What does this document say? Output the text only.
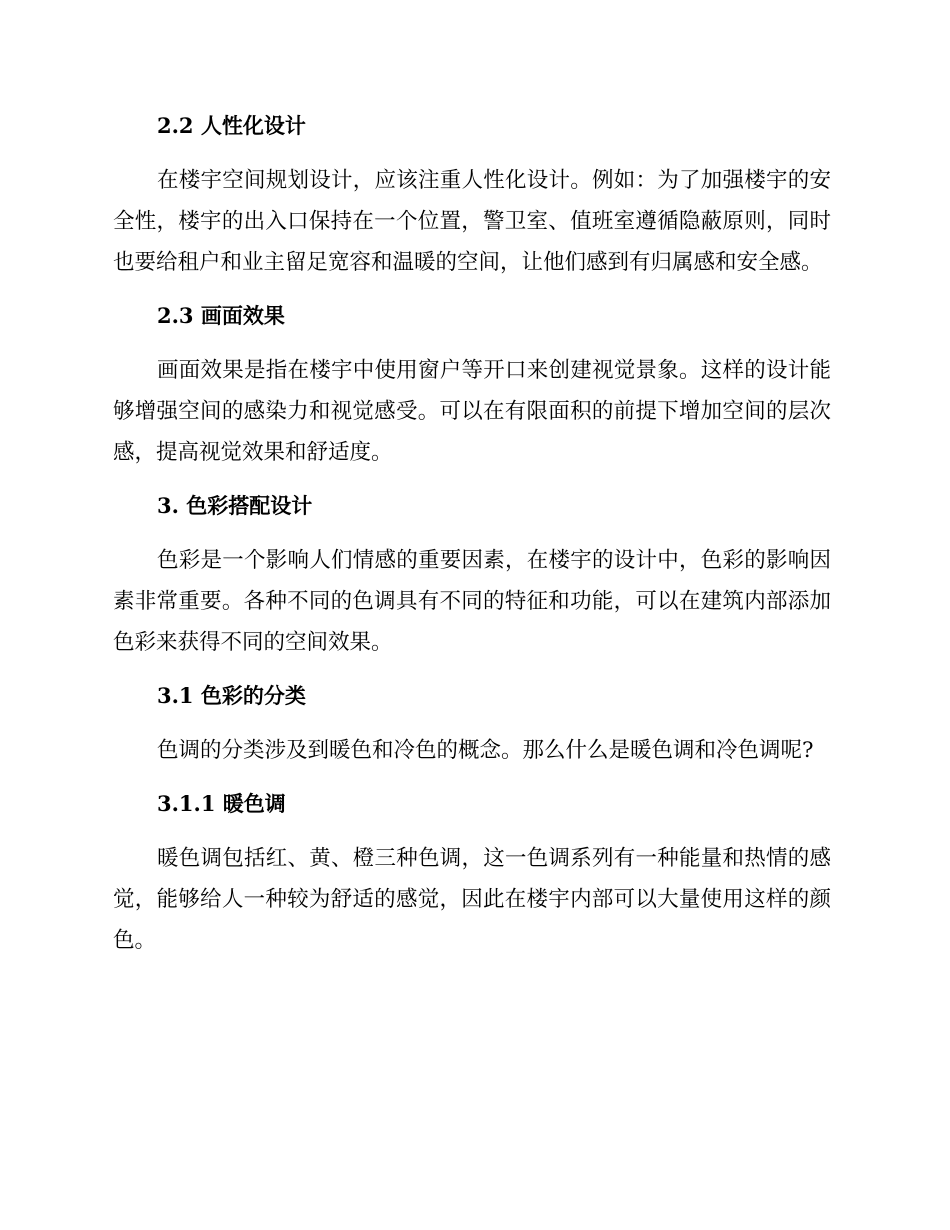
2.2 人性化设计

在楼宇空间规划设计，应该注重人性化设计。例如：为了加强楼宇的安全性，楼宇的出入口保持在一个位置，警卫室、值班室遵循隐蔽原则，同时也要给租户和业主留足宽容和温暖的空间，让他们感到有归属感和安全感。

2.3 画面效果

画面效果是指在楼宇中使用窗户等开口来创建视觉景象。这样的设计能够增强空间的感染力和视觉感受。可以在有限面积的前提下增加空间的层次感，提高视觉效果和舒适度。

3. 色彩搭配设计

色彩是一个影响人们情感的重要因素，在楼宇的设计中，色彩的影响因素非常重要。各种不同的色调具有不同的特征和功能，可以在建筑内部添加色彩来获得不同的空间效果。

3.1 色彩的分类

色调的分类涉及到暖色和冷色的概念。那么什么是暖色调和冷色调呢?

3.1.1 暖色调

暖色调包括红、黄、橙三种色调，这一色调系列有一种能量和热情的感觉，能够给人一种较为舒适的感觉，因此在楼宇内部可以大量使用这样的颜色。
